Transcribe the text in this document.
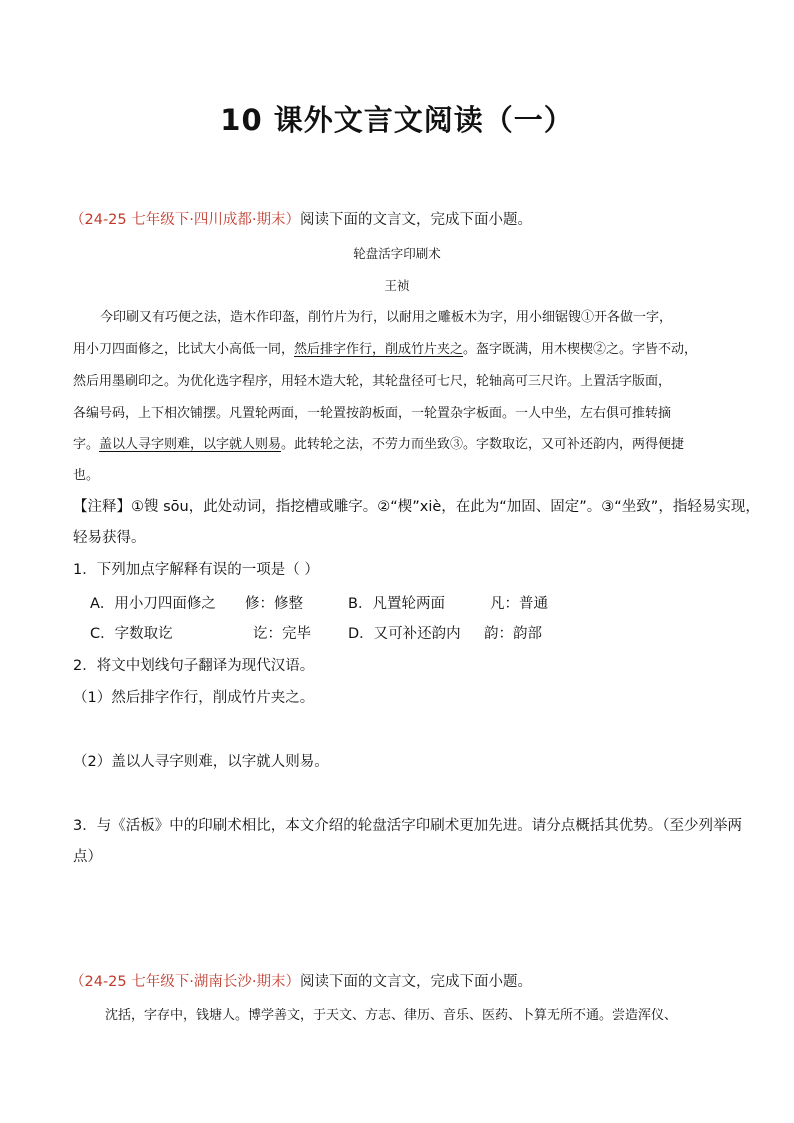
10 课外文言文阅读（一）
（24-25 七年级下·四川成都·期末）阅读下面的文言文，完成下面小题。
轮盘活字印刷术
王祯
今印刷又有巧便之法，造木作印盔，削竹片为行，以耐用之雕板木为字，用小细锯锼①开各做一字，
用小刀四面修之，比试大小高低一同，然后排字作行，削成竹片夹之。盔字既满，用木楔楔②之。字皆不动，
然后用墨刷印之。为优化选字程序，用轻木造大轮，其轮盘径可七尺，轮轴高可三尺许。上置活字版面，
各编号码，上下相次铺摆。凡置轮两面，一轮置按韵板面，一轮置杂字板面。一人中坐，左右俱可推转摘
字。盖以人寻字则难，以字就人则易。此转轮之法，不劳力而坐致③。字数取讫，又可补还韵内，两得便捷
也。
【注释】①锼 sōu，此处动词，指挖槽或雕字。②“楔”xiè，在此为“加固、固定”。③“坐致”，指轻易实现，
轻易获得。
1．下列加点字解释有误的一项是（ ）
A．用小刀四面修之 修：修整	B．凡置轮两面	凡：普通
C．字数取讫	讫：完毕	D．又可补还韵内 韵：韵部
2．将文中划线句子翻译为现代汉语。
（1）然后排字作行，削成竹片夹之。
（2）盖以人寻字则难，以字就人则易。
3．与《活板》中的印刷术相比，本文介绍的轮盘活字印刷术更加先进。请分点概括其优势。（至少列举两
点）
（24-25 七年级下·湖南长沙·期末）阅读下面的文言文，完成下面小题。
沈括，字存中，钱塘人。博学善文，于天文、方志、律历、音乐、医药、卜算无所不通。尝造浑仪、
